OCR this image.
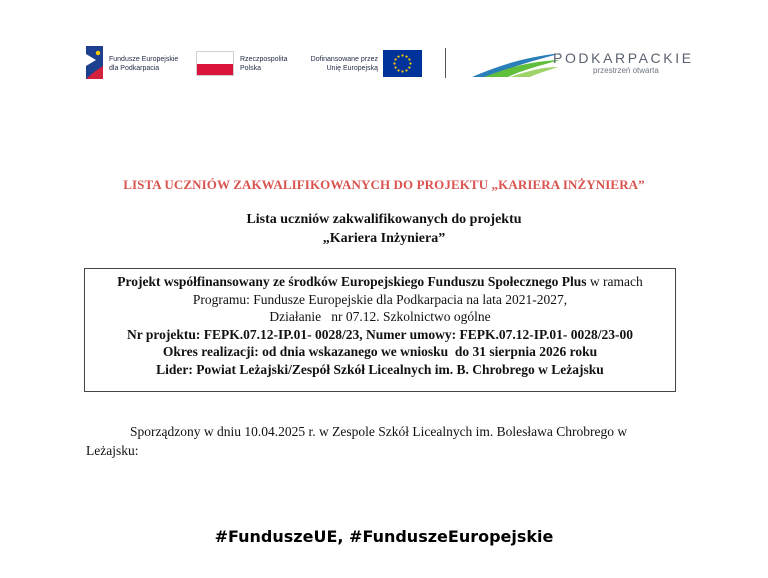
Fundusze Europejskie
dla Podkarpacia
Rzeczpospolita
Polska
Dofinansowane przez
Unię Europejską
PODKARPACKIE
przestrzeń otwarta
LISTA UCZNIÓW ZAKWALIFIKOWANYCH DO PROJEKTU „KARIERA INŻYNIERA”
Lista uczniów zakwalifikowanych do projektu
„Kariera Inżyniera”
Projekt współfinansowany ze środków Europejskiego Funduszu Społecznego Plus w ramach
Programu: Fundusze Europejskie dla Podkarpacia na lata 2021-2027,
Działanie   nr 07.12. Szkolnictwo ogólne
Nr projektu: FEPK.07.12-IP.01- 0028/23, Numer umowy: FEPK.07.12-IP.01- 0028/23-00
Okres realizacji: od dnia wskazanego we wniosku  do 31 sierpnia 2026 roku
Lider: Powiat Leżajski/Zespół Szkół Licealnych im. B. Chrobrego w Leżajsku
Sporządzony w dniu 10.04.2025 r. w Zespole Szkół Licealnych im. Bolesława Chrobrego w Leżajsku:
#FunduszeUE, #FunduszeEuropejskie
